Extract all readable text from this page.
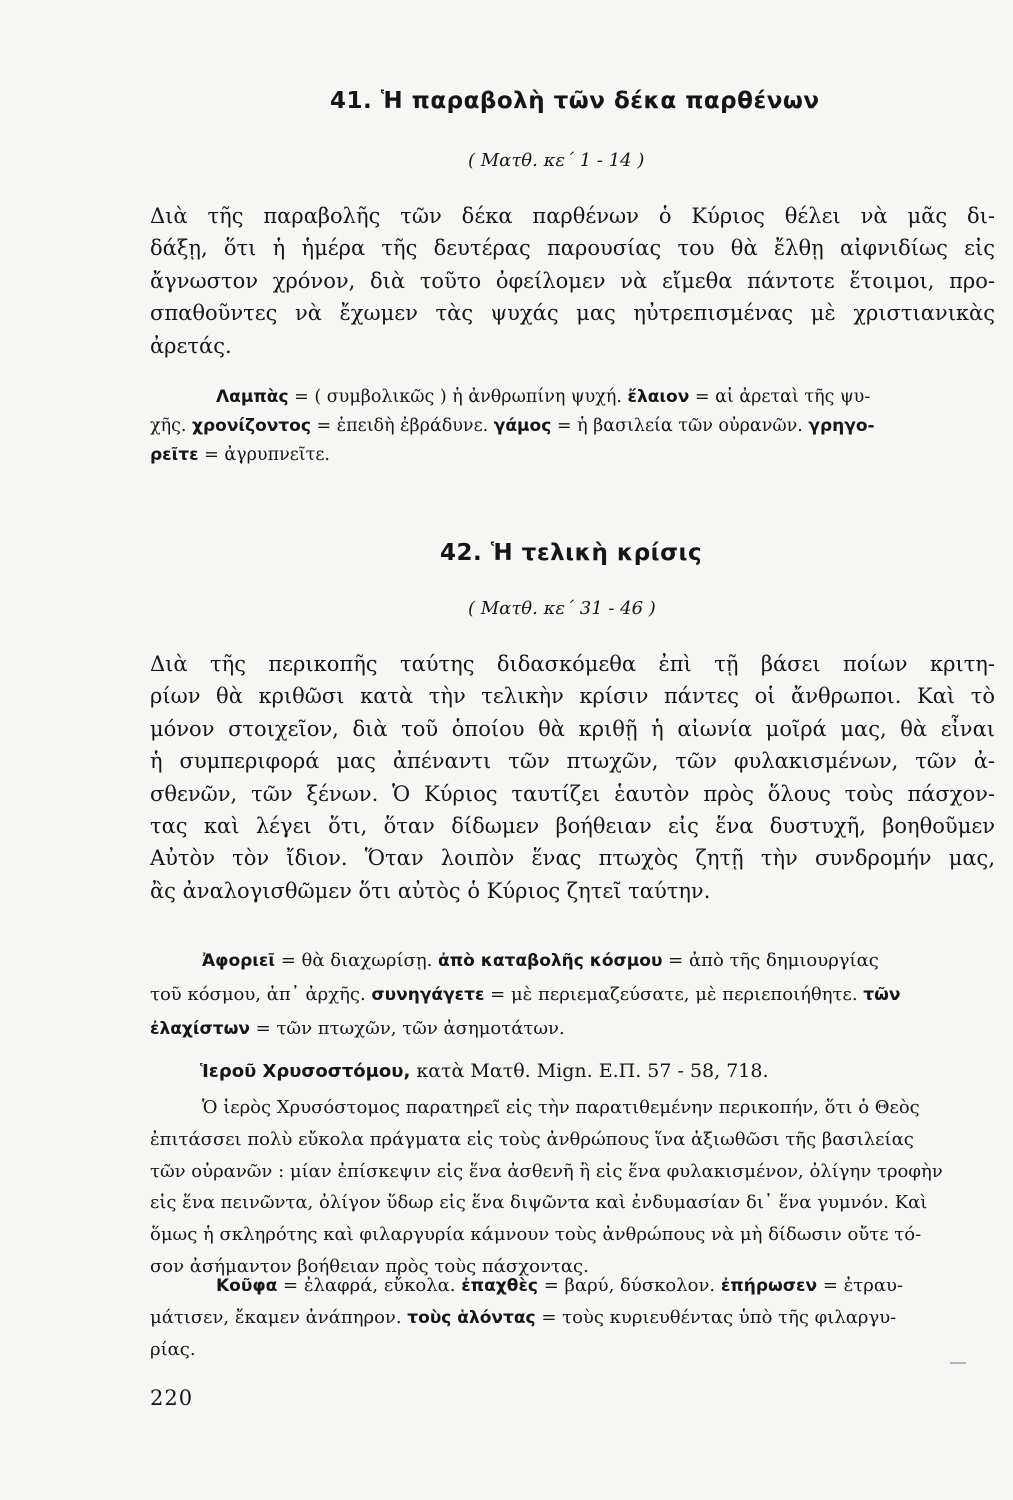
41. Ἡ παραβολὴ τῶν δέκα παρθένων
( Ματθ. κε΄ 1 - 14 )

Διὰ τῆς παραβολῆς τῶν δέκα παρθένων ὁ Κύριος θέλει νὰ μᾶς δι-
δάξῃ, ὅτι ἡ ἡμέρα τῆς δευτέρας παρουσίας του θὰ ἔλθῃ αἰφνιδίως εἰς
ἄγνωστον χρόνον, διὰ τοῦτο ὀφείλομεν νὰ εἴμεθα πάντοτε ἕτοιμοι, προ-
σπαθοῦντες νὰ ἔχωμεν τὰς ψυχάς μας ηὐτρεπισμένας μὲ χριστιανικὰς
ἀρετάς.

Λαμπὰς = ( συμβολικῶς ) ἡ ἀνθρωπίνη ψυχή. ἔλαιον = αἱ ἀρεταὶ τῆς ψυ-
χῆς. χρονίζοντος = ἐπειδὴ ἐβράδυνε. γάμος = ἡ βασιλεία τῶν οὐρανῶν. γρηγο-
ρεῖτε = ἀγρυπνεῖτε.
42. Ἡ τελικὴ κρίσις
( Ματθ. κε΄ 31 - 46 )

Διὰ τῆς περικοπῆς ταύτης διδασκόμεθα ἐπὶ τῇ βάσει ποίων κριτη-
ρίων θὰ κριθῶσι κατὰ τὴν τελικὴν κρίσιν πάντες οἱ ἄνθρωποι. Καὶ τὸ
μόνον στοιχεῖον, διὰ τοῦ ὁποίου θὰ κριθῇ ἡ αἰωνία μοῖρά μας, θὰ εἶναι
ἡ συμπεριφορά μας ἀπέναντι τῶν πτωχῶν, τῶν φυλακισμένων, τῶν ἀ-
σθενῶν, τῶν ξένων. Ὁ Κύριος ταυτίζει ἑαυτὸν πρὸς ὅλους τοὺς πάσχον-
τας καὶ λέγει ὅτι, ὅταν δίδωμεν βοήθειαν εἰς ἕνα δυστυχῆ, βοηθοῦμεν
Αὐτὸν τὸν ἴδιον. Ὅταν λοιπὸν ἕνας πτωχὸς ζητῇ τὴν συνδρομήν μας,
ἂς ἀναλογισθῶμεν ὅτι αὐτὸς ὁ Κύριος ζητεῖ ταύτην.

Ἀφοριεῖ = θὰ διαχωρίσῃ. ἀπὸ καταβολῆς κόσμου = ἀπὸ τῆς δημιουργίας
τοῦ κόσμου, ἀπ᾽ ἀρχῆς. συνηγάγετε = μὲ περιεμαζεύσατε, μὲ περιεποιήθητε. τῶν
ἐλαχίστων = τῶν πτωχῶν, τῶν ἀσημοτάτων.
Ἱεροῦ Χρυσοστόμου, κατὰ Ματθ. Mign. Ε.Π. 57 - 58, 718.

Ὁ ἱερὸς Χρυσόστομος παρατηρεῖ εἰς τὴν παρατιθεμένην περικοπήν, ὅτι ὁ Θεὸς
ἐπιτάσσει πολὺ εὔκολα πράγματα εἰς τοὺς ἀνθρώπους ἵνα ἀξιωθῶσι τῆς βασιλείας
τῶν οὐρανῶν : μίαν ἐπίσκεψιν εἰς ἕνα ἀσθενῆ ἢ εἰς ἕνα φυλακισμένον, ὀλίγην τροφὴν
εἰς ἕνα πεινῶντα, ὀλίγον ὕδωρ εἰς ἕνα διψῶντα καὶ ἐνδυμασίαν δι᾽ ἕνα γυμνόν. Καὶ
ὅμως ἡ σκληρότης καὶ φιλαργυρία κάμνουν τοὺς ἀνθρώπους νὰ μὴ δίδωσιν οὔτε τό-
σον ἀσήμαντον βοήθειαν πρὸς τοὺς πάσχοντας.

Κοῦφα = ἐλαφρά, εὔκολα. ἐπαχθὲς = βαρύ, δύσκολον. ἐπήρωσεν = ἐτραυ-
μάτισεν, ἔκαμεν ἀνάπηρον. τοὺς ἁλόντας = τοὺς κυριευθέντας ὑπὸ τῆς φιλαργυ-
ρίας.
220
